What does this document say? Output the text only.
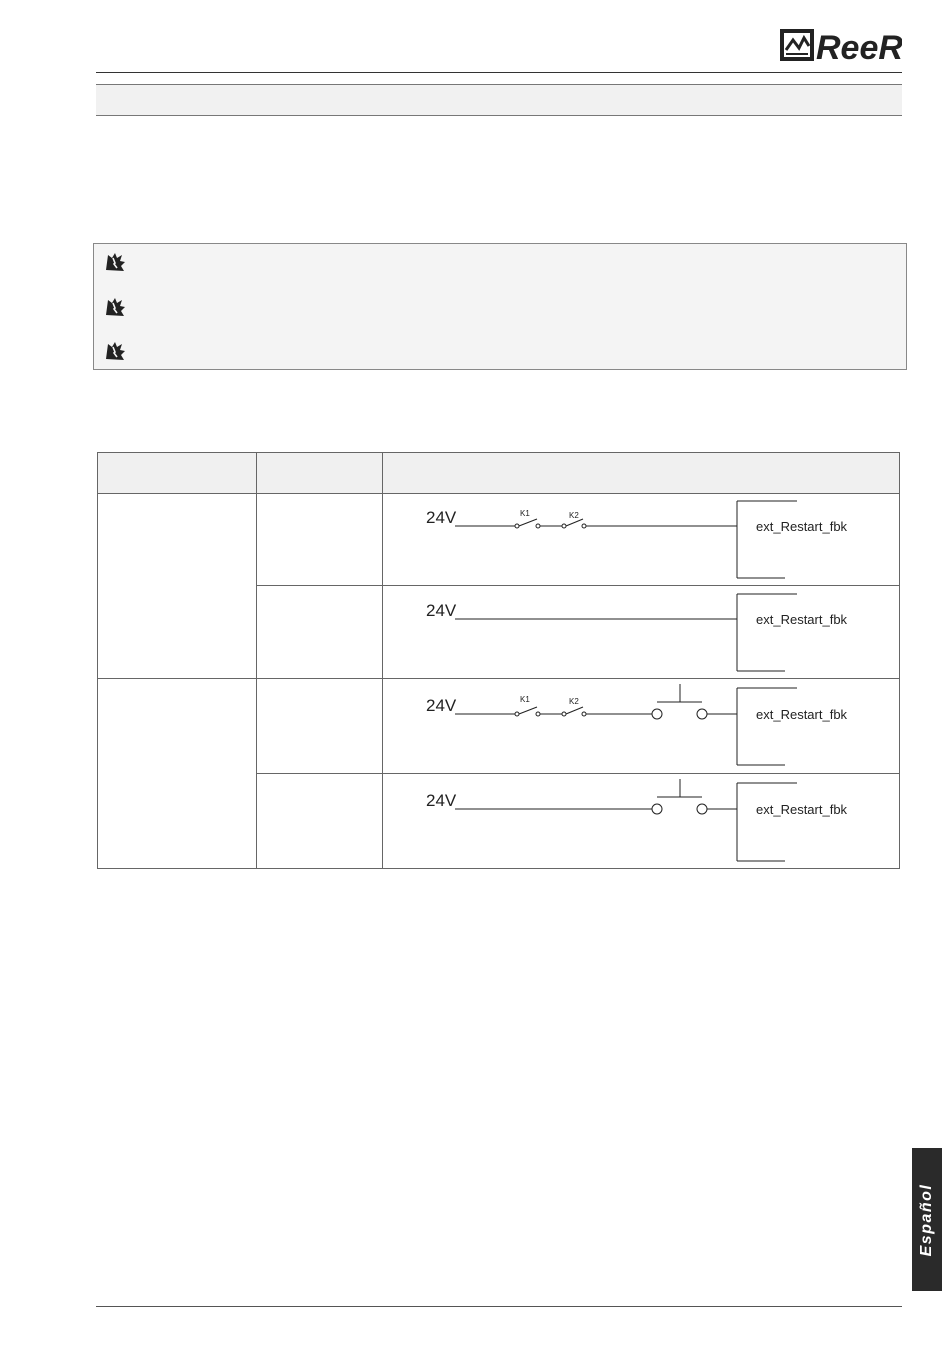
ReeR
24V	K1	K2
ext_Restart_fbk
24V	ext_Restart_fbk
24V	K1	K2
ext_Restart_fbk
24V	ext_Restart_fbk
Español
